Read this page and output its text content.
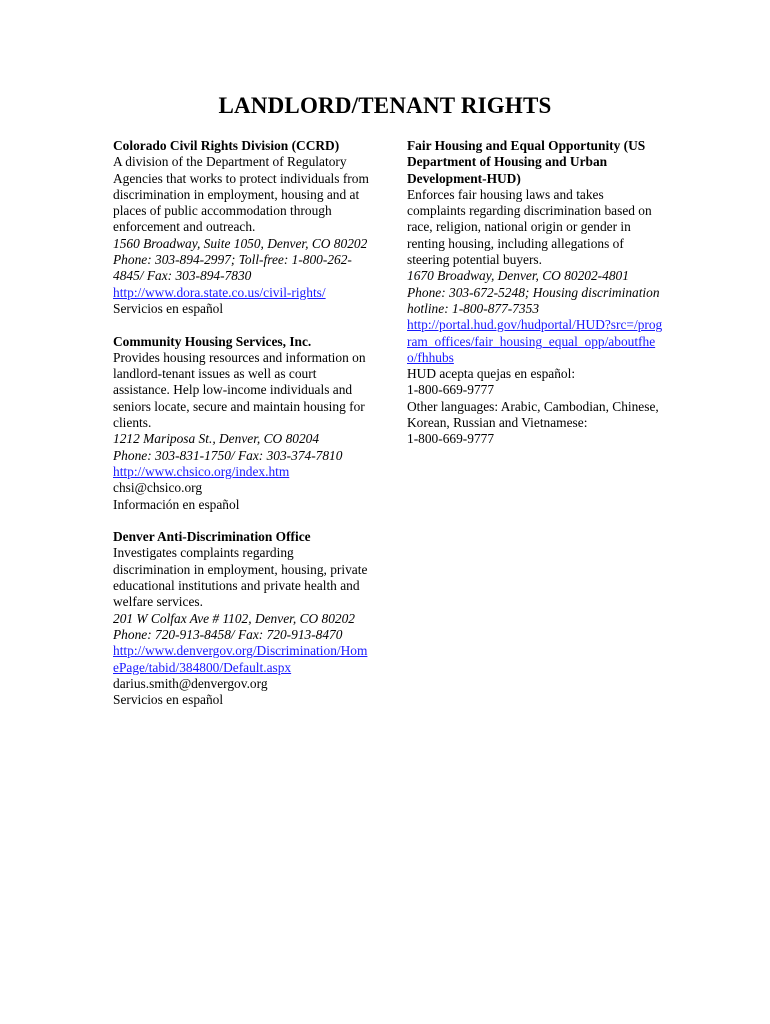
LANDLORD/TENANT RIGHTS
Colorado Civil Rights Division (CCRD)
A division of the Department of Regulatory Agencies that works to protect individuals from discrimination in employment, housing and at places of public accommodation through enforcement and outreach.
1560 Broadway, Suite 1050, Denver, CO 80202
Phone: 303-894-2997; Toll-free: 1-800-262-4845/ Fax: 303-894-7830
http://www.dora.state.co.us/civil-rights/
Servicios en español
Community Housing Services, Inc.
Provides housing resources and information on landlord-tenant issues as well as court assistance. Help low-income individuals and seniors locate, secure and maintain housing for clients.
1212 Mariposa St., Denver, CO 80204
Phone: 303-831-1750/ Fax: 303-374-7810
http://www.chsico.org/index.htm
chsi@chsico.org
Información en español
Denver Anti-Discrimination Office
Investigates complaints regarding discrimination in employment, housing, private educational institutions and private health and welfare services.
201 W Colfax Ave # 1102, Denver, CO 80202
Phone: 720-913-8458/ Fax: 720-913-8470
http://www.denvergov.org/Discrimination/HomePage/tabid/384800/Default.aspx
darius.smith@denvergov.org
Servicios en español
Fair Housing and Equal Opportunity (US Department of Housing and Urban Development-HUD)
Enforces fair housing laws and takes complaints regarding discrimination based on race, religion, national origin or gender in renting housing, including allegations of steering potential buyers.
1670 Broadway, Denver, CO 80202-4801
Phone: 303-672-5248; Housing discrimination hotline: 1-800-877-7353
http://portal.hud.gov/hudportal/HUD?src=/program_offices/fair_housing_equal_opp/aboutfheo/fhhubs
HUD acepta quejas en español:
1-800-669-9777
Other languages: Arabic, Cambodian, Chinese, Korean, Russian and Vietnamese:
1-800-669-9777
